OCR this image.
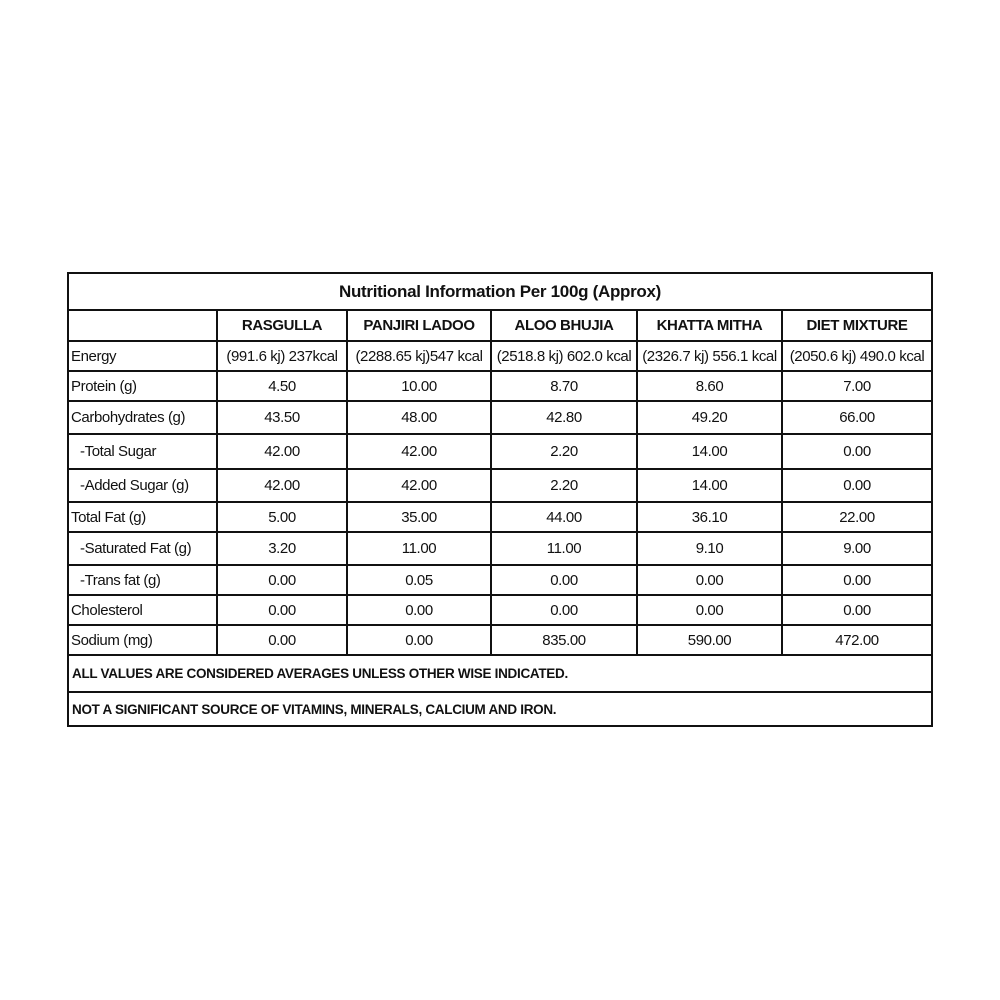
Nutritional Information Per 100g (Approx)
	RASGULLA	PANJIRI LADOO	ALOO BHUJIA	KHATTA MITHA	DIET MIXTURE
Energy	(991.6 kj) 237kcal	(2288.65 kj)547 kcal	(2518.8 kj) 602.0 kcal	(2326.7 kj) 556.1 kcal	(2050.6 kj) 490.0 kcal
Protein (g)	4.50	10.00	8.70	8.60	7.00
Carbohydrates (g)	43.50	48.00	42.80	49.20	66.00
-Total Sugar	42.00	42.00	2.20	14.00	0.00
-Added Sugar (g)	42.00	42.00	2.20	14.00	0.00
Total Fat (g)	5.00	35.00	44.00	36.10	22.00
-Saturated Fat (g)	3.20	11.00	11.00	9.10	9.00
-Trans fat (g)	0.00	0.05	0.00	0.00	0.00
Cholesterol	0.00	0.00	0.00	0.00	0.00
Sodium (mg)	0.00	0.00	835.00	590.00	472.00
ALL VALUES ARE CONSIDERED AVERAGES UNLESS OTHER WISE INDICATED.
NOT A SIGNIFICANT SOURCE OF VITAMINS, MINERALS, CALCIUM AND IRON.
